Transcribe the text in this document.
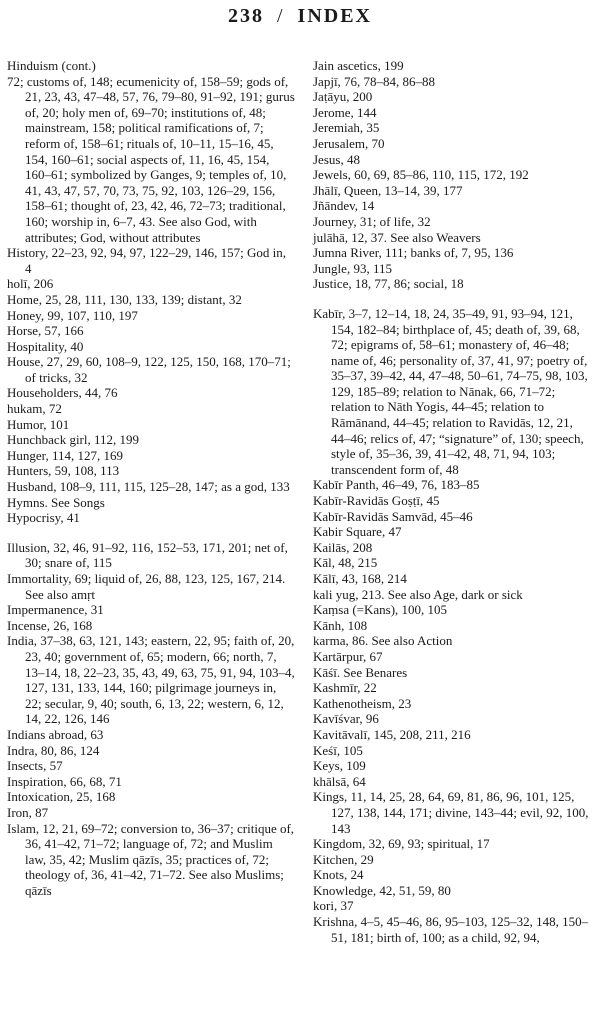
238 / INDEX
Hinduism (cont.)
72; customs of, 148; ecumenicity of, 158–59; gods of, 21, 23, 43, 47–48, 57, 76, 79–80, 91–92, 191; gurus of, 20; holy men of, 69–70; institutions of, 48; mainstream, 158; political ramifications of, 7; reform of, 158–61; rituals of, 10–11, 15–16, 45, 154, 160–61; social aspects of, 11, 16, 45, 154, 160–61; symbolized by Ganges, 9; temples of, 10, 41, 43, 47, 57, 70, 73, 75, 92, 103, 126–29, 156, 158–61; thought of, 23, 42, 46, 72–73; traditional, 160; worship in, 6–7, 43. See also God, with attributes; God, without attributes
History, 22–23, 92, 94, 97, 122–29, 146, 157; God in, 4
holī, 206
Home, 25, 28, 111, 130, 133, 139; distant, 32
Honey, 99, 107, 110, 197
Horse, 57, 166
Hospitality, 40
House, 27, 29, 60, 108–9, 122, 125, 150, 168, 170–71; of tricks, 32
Householders, 44, 76
hukam, 72
Humor, 101
Hunchback girl, 112, 199
Hunger, 114, 127, 169
Hunters, 59, 108, 113
Husband, 108–9, 111, 115, 125–28, 147; as a god, 133
Hymns. See Songs
Hypocrisy, 41
Illusion, 32, 46, 91–92, 116, 152–53, 171, 201; net of, 30; snare of, 115
Immortality, 69; liquid of, 26, 88, 123, 125, 167, 214. See also amṛt
Impermanence, 31
Incense, 26, 168
India, 37–38, 63, 121, 143; eastern, 22, 95; faith of, 20, 23, 40; government of, 65; modern, 66; north, 7, 13–14, 18, 22–23, 35, 43, 49, 63, 75, 91, 94, 103–4, 127, 131, 133, 144, 160; pilgrimage journeys in, 22; secular, 9, 40; south, 6, 13, 22; western, 6, 12, 14, 22, 126, 146
Indians abroad, 63
Indra, 80, 86, 124
Insects, 57
Inspiration, 66, 68, 71
Intoxication, 25, 168
Iron, 87
Islam, 12, 21, 69–72; conversion to, 36–37; critique of, 36, 41–42, 71–72; language of, 72; and Muslim law, 35, 42; Muslim qāzīs, 35; practices of, 72; theology of, 36, 41–42, 71–72. See also Muslims; qāzīs
Jain ascetics, 199
Japjī, 76, 78–84, 86–88
Jaṭāyu, 200
Jerome, 144
Jeremiah, 35
Jerusalem, 70
Jesus, 48
Jewels, 60, 69, 85–86, 110, 115, 172, 192
Jhālī, Queen, 13–14, 39, 177
Jñāndev, 14
Journey, 31; of life, 32
julāhā, 12, 37. See also Weavers
Jumna River, 111; banks of, 7, 95, 136
Jungle, 93, 115
Justice, 18, 77, 86; social, 18
Kabīr, 3–7, 12–14, 18, 24, 35–49, 91, 93–94, 121, 154, 182–84; birthplace of, 45; death of, 39, 68, 72; epigrams of, 58–61; monastery of, 46–48; name of, 46; personality of, 37, 41, 97; poetry of, 35–37, 39–42, 44, 47–48, 50–61, 74–75, 98, 103, 129, 185–89; relation to Nānak, 66, 71–72; relation to Nāth Yogis, 44–45; relation to Rāmānand, 44–45; relation to Ravidās, 12, 21, 44–46; relics of, 47; “signature” of, 130; speech, style of, 35–36, 39, 41–42, 48, 71, 94, 103; transcendent form of, 48
Kabīr Panth, 46–49, 76, 183–85
Kabīr-Ravidās Goṣṭī, 45
Kabīr-Ravidās Samvād, 45–46
Kabir Square, 47
Kailās, 208
Kāl, 48, 215
Kālī, 43, 168, 214
kali yug, 213. See also Age, dark or sick
Kaṃsa (=Kans), 100, 105
Kānh, 108
karma, 86. See also Action
Kartārpur, 67
Kāśī. See Benares
Kashmīr, 22
Kathenotheism, 23
Kavīśvar, 96
Kavitāvalī, 145, 208, 211, 216
Keśī, 105
Keys, 109
khālsā, 64
Kings, 11, 14, 25, 28, 64, 69, 81, 86, 96, 101, 125, 127, 138, 144, 171; divine, 143–44; evil, 92, 100, 143
Kingdom, 32, 69, 93; spiritual, 17
Kitchen, 29
Knots, 24
Knowledge, 42, 51, 59, 80
kori, 37
Krishna, 4–5, 45–46, 86, 95–103, 125–32, 148, 150–51, 181; birth of, 100; as a child, 92, 94,
